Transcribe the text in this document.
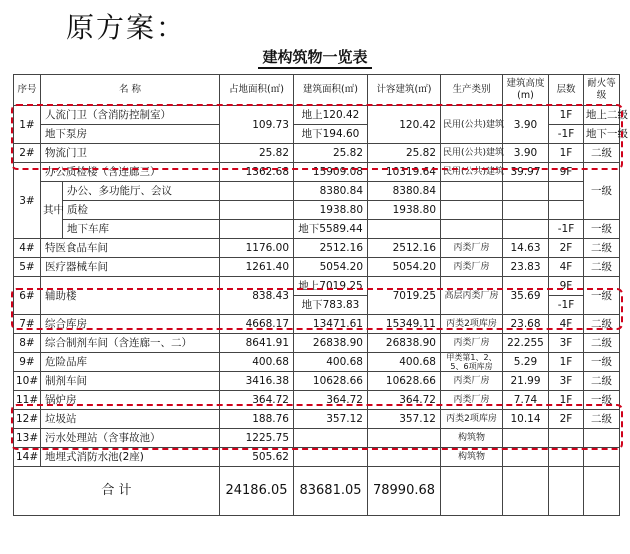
原方案：
建构筑物一览表
序号	名 称		占地面积(㎡)	建筑面积(㎡)	计容建筑(㎡)	生产类别	建筑高度(m)	层数	耐火等级
1#	人流门卫（含消防控制室）		109.73	地上120.42	120.42	民用(公共)建筑	3.90	1F	地上二级
	地下泵房			地下194.60				-1F	地下一级
2#	物流门卫		25.82	25.82	25.82	民用(公共)建筑	3.90	1F	二级
3#	办公质检楼（含连廊三）		1362.68	15909.08	10319.64	民用(公共)建筑	39.97	9F	一级
	其中	办公、多功能厅、会议		8380.84	8380.84				
		质检		1938.80	1938.80				
		地下车库		地下5589.44				-1F	一级
4#	特医食品车间		1176.00	2512.16	2512.16	丙类厂房	14.63	2F	二级
5#	医疗器械车间		1261.40	5054.20	5054.20	丙类厂房	23.83	4F	二级
6#	辅助楼		838.43	地上7019.25	7019.25	高层丙类厂房	35.69	9F	一级
				地下783.83				-1F	
7#	综合库房		4668.17	13471.61	15349.11	丙类2项库房	23.68	4F	二级
8#	综合制剂车间（含连廊一、二）		8641.91	26838.90	26838.90	丙类厂房	22.255	3F	二级
9#	危险品库		400.68	400.68	400.68	甲类第1、2、5、6项库房	5.29	1F	一级
10#	制剂车间		3416.38	10628.66	10628.66	丙类厂房	21.99	3F	二级
11#	锅炉房		364.72	364.72	364.72	丙类厂房	7.74	1F	一级
12#	垃圾站		188.76	357.12	357.12	丙类2项库房	10.14	2F	二级
13#	污水处理站（含事故池）		1225.75			构筑物			
14#	地埋式消防水池(2座)		505.62			构筑物			
合 计			24186.05	83681.05	78990.68				
